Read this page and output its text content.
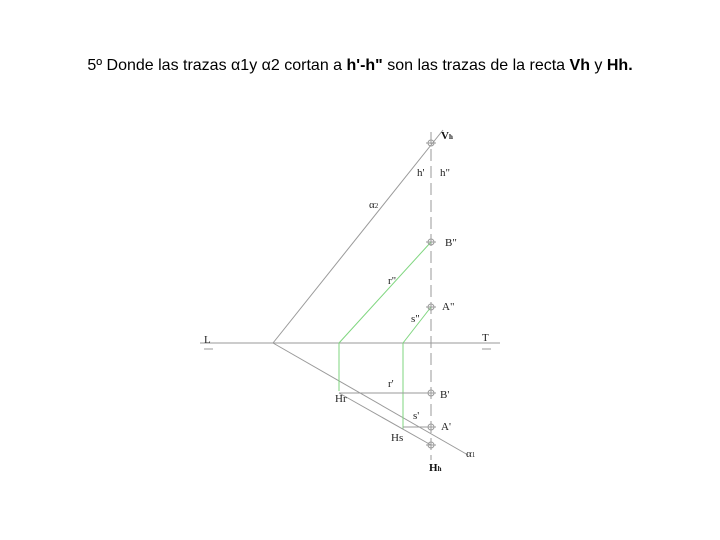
5º Donde las trazas α1y α2 cortan a h'-h" son las trazas de la recta Vh y Hh.
Vh
h' h"
α2
B"
r"
A"
s"
L	T
r'
Hr	B'
s'
A'
Hs
α1
Hh
